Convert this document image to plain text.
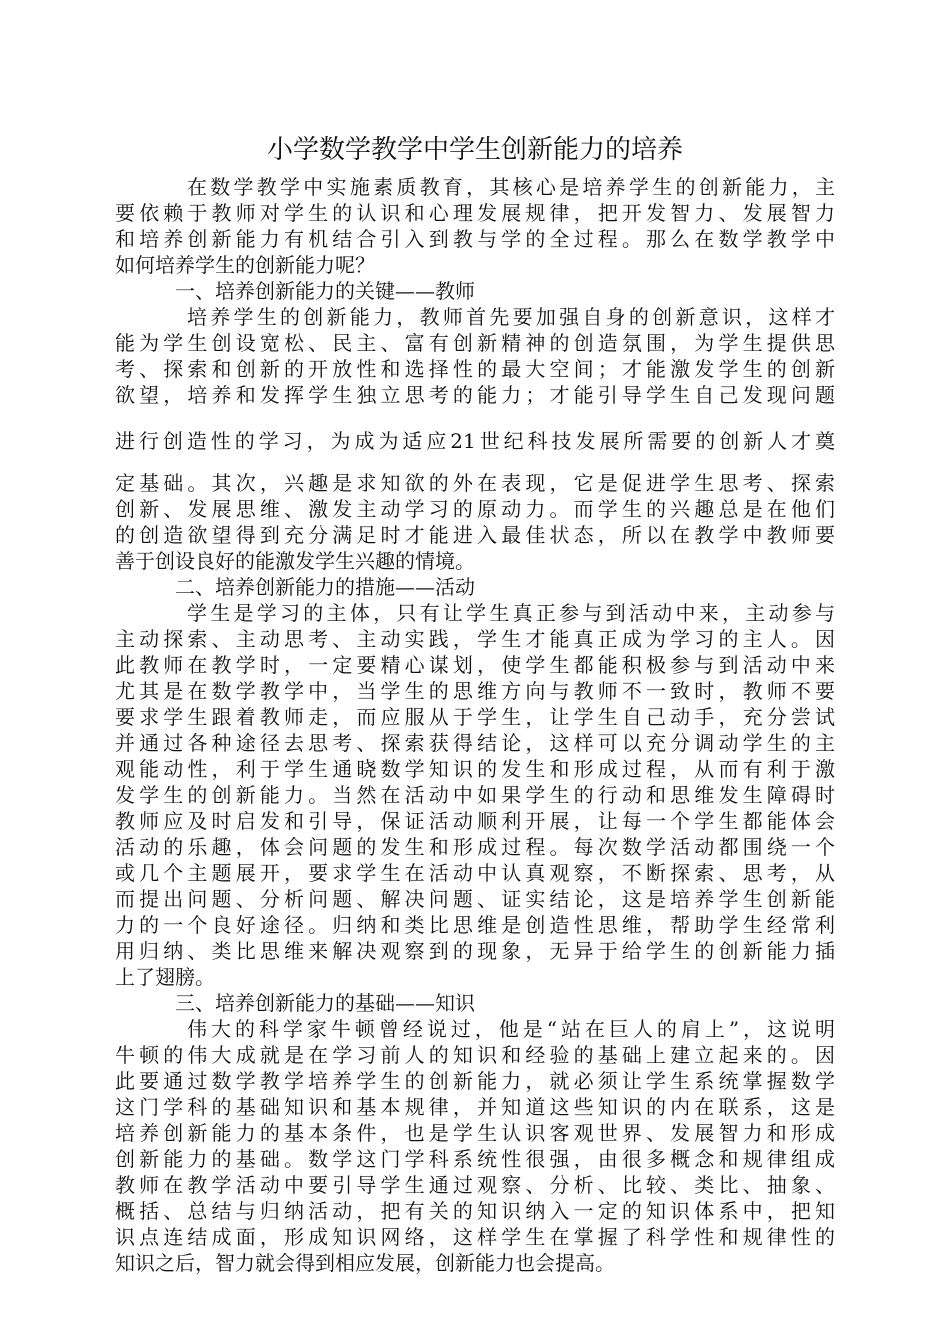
小学数学教学中学生创新能力的培养
在数学教学中实施素质教育，其核心是培养学生的创新能力，主
要依赖于教师对学生的认识和心理发展规律，把开发智力、发展智力
和培养创新能力有机结合引入到教与学的全过程。那么在数学教学中
如何培养学生的创新能力呢？
一、培养创新能力的关键——教师
培养学生的创新能力，教师首先要加强自身的创新意识，这样才
能为学生创设宽松、民主、富有创新精神的创造氛围，为学生提供思
考、探索和创新的开放性和选择性的最大空间；才能激发学生的创新
欲望，培养和发挥学生独立思考的能力；才能引导学生自己发现问题
进行创造性的学习，为成为适应21世纪科技发展所需要的创新人才奠
定基础。其次，兴趣是求知欲的外在表现，它是促进学生思考、探索
创新、发展思维、激发主动学习的原动力。而学生的兴趣总是在他们
的创造欲望得到充分满足时才能进入最佳状态，所以在教学中教师要
善于创设良好的能激发学生兴趣的情境。
二、培养创新能力的措施——活动
学生是学习的主体，只有让学生真正参与到活动中来，主动参与
主动探索、主动思考、主动实践，学生才能真正成为学习的主人。因
此教师在教学时，一定要精心谋划，使学生都能积极参与到活动中来
尤其是在数学教学中，当学生的思维方向与教师不一致时，教师不要
要求学生跟着教师走，而应服从于学生，让学生自己动手，充分尝试
并通过各种途径去思考、探索获得结论，这样可以充分调动学生的主
观能动性，利于学生通晓数学知识的发生和形成过程，从而有利于激
发学生的创新能力。当然在活动中如果学生的行动和思维发生障碍时
教师应及时启发和引导，保证活动顺利开展，让每一个学生都能体会
活动的乐趣，体会问题的发生和形成过程。每次数学活动都围绕一个
或几个主题展开，要求学生在活动中认真观察，不断探索、思考，从
而提出问题、分析问题、解决问题、证实结论，这是培养学生创新能
力的一个良好途径。归纳和类比思维是创造性思维，帮助学生经常利
用归纳、类比思维来解决观察到的现象，无异于给学生的创新能力插
上了翅膀。
三、培养创新能力的基础——知识
伟大的科学家牛顿曾经说过，他是“站在巨人的肩上”，这说明
牛顿的伟大成就是在学习前人的知识和经验的基础上建立起来的。因
此要通过数学教学培养学生的创新能力，就必须让学生系统掌握数学
这门学科的基础知识和基本规律，并知道这些知识的内在联系，这是
培养创新能力的基本条件，也是学生认识客观世界、发展智力和形成
创新能力的基础。数学这门学科系统性很强，由很多概念和规律组成
教师在教学活动中要引导学生通过观察、分析、比较、类比、抽象、
概括、总结与归纳活动，把有关的知识纳入一定的知识体系中，把知
识点连结成面，形成知识网络，这样学生在掌握了科学性和规律性的
知识之后，智力就会得到相应发展，创新能力也会提高。
